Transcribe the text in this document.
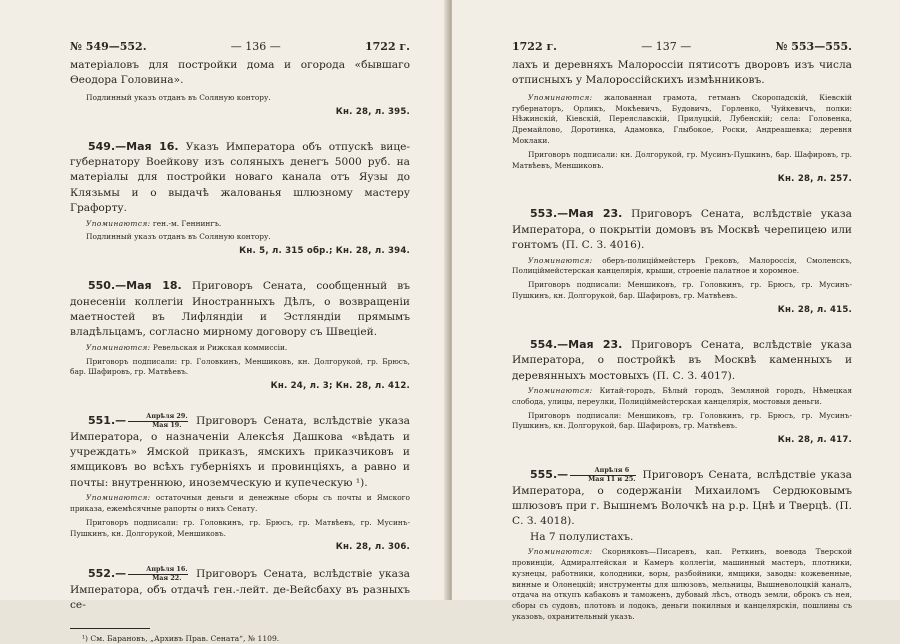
№ 549—552.	— 136 —	1722 г.

матеріаловъ для постройки дома и огорода «бывшаго Ѳеодора Головина».

Подлинный указъ отданъ въ Соляную контору.

Кн. 28, л. 395.

549.—Мая 16. Указъ Императора объ отпускѣ вице-губернатору Воейкову изъ соляныхъ денегъ 5000 руб. на матеріалы для постройки новаго канала отъ Яузы до Клязьмы и о выдачѣ жалованья шлюзному мастеру Графорту.

Упоминаются: ген.-м. Геннингъ.

Подлинный указъ отданъ въ Соляную контору.

Кн. 5, л. 315 обр.; Кн. 28, л. 394.

550.—Мая 18. Приговоръ Сената, сообщенный въ донесеніи коллегіи Иностранныхъ Дѣлъ, о возвращеніи маетностей въ Лифляндіи и Эстляндіи прямымъ владѣльцамъ, согласно мирному договору съ Швеціей.

Упоминаются: Ревельская и Рижская коммиссіи.

Приговоръ подписали: гр. Головкинъ, Меншиковъ, кн. Долгорукой, гр. Брюсъ, бар. Шафировъ, гр. Матвѣевъ.

Кн. 24, л. 3; Кн. 28, л. 412.

551.— $\frac{\text{Апрѣля 29.}}{\text{Мая 19.}}$ Приговоръ Сената, вслѣдствіе указа Императора, о назначеніи Алексѣя Дашкова «вѣдать и учреждать» Ямской приказъ, ямскихъ приказчиковъ и ямщиковъ во всѣхъ губерніяхъ и провинціяхъ, а равно и почты: внутреннюю, иноземческую и купеческую ¹).

Упоминаются: остаточныя деньги и денежные сборы съ почты и Ямского приказа, ежемѣсячные рапорты о нихъ Сенату.

Приговоръ подписали: гр. Головкинъ, гр. Брюсъ, гр. Матвѣевъ, гр. Мусинъ-Пушкинъ, кн. Долгорукой, Меншиковъ.

Кн. 28, л. 306.

552.— $\frac{\text{Апрѣля 16.}}{\text{Мая 22.}}$ Приговоръ Сената, вслѣдствіе указа Императора, объ отдачѣ ген.-лейт. де-Вейсбаху въ разныхъ се-

¹) См. Барановъ, „Архивъ Прав. Сената“, № 1109.

1722 г.	— 137 —	№ 553—555.

лахъ и деревняхъ Малороссіи пятисотъ дворовъ изъ числа отписныхъ у Малороссійскихъ измѣнниковъ.

Упоминаются: жалованная грамота, гетманъ Скоропадскій, Кіевскій губернаторъ, Орликъ, Мокѣевичъ, Будовичъ, Горленко, Чуйкевичъ, полки: Нѣжинскій, Кіевскій, Переяславскій, Прилуцкій, Лубенскій; села: Головенка, Дремайлово, Доротинка, Адамовка, Глыбокое, Роски, Андреашевка; деревня Моклаки.

Приговоръ подписали: кн. Долгорукой, гр. Мусинъ-Пушкинъ, бар. Шафировъ, гр. Матвѣевъ, Меншиковъ.

Кн. 28, л. 257.

553.—Мая 23. Приговоръ Сената, вслѣдствіе указа Императора, о покрытіи домовъ въ Москвѣ черепицею или гонтомъ (П. С. З. 4016).

Упоминаются: оберъ-полиціймейстеръ Грековъ, Малороссія, Смоленскъ, Полиціймейстерская канцелярія, крыши, строеніе палатное и хоромное.

Приговоръ подписали: Меншиковъ, гр. Головкинъ, гр. Брюсъ, гр. Мусинъ-Пушкинъ, кн. Долгорукой, бар. Шафировъ, гр. Матвѣевъ.

Кн. 28, л. 415.

554.—Мая 23. Приговоръ Сената, вслѣдствіе указа Императора, о постройкѣ въ Москвѣ каменныхъ и деревянныхъ мостовыхъ (П. С. З. 4017).

Упоминаются: Китай-городъ, Бѣлый городъ, Земляной городъ, Нѣмецкая слобода, улицы, переулки, Полиціймейстерская канцелярія, мостовыя деньги.

Приговоръ подписали: Меншиковъ, гр. Головкинъ, гр. Брюсъ, гр. Мусинъ-Пушкинъ, кн. Долгорукой, бар. Шафировъ, гр. Матвѣевъ.

Кн. 28, л. 417.

555.— $\frac{\text{Апрѣля 6}}{\text{Мая 11 и 25.}}$ Приговоръ Сената, вслѣдствіе указа Императора, о содержаніи Михаиломъ Сердюковымъ шлюзовъ при г. Вышнемъ Волочкѣ на р.р. Цнѣ и Тверцѣ. (П. С. З. 4018).

На 7 полулистахъ.

Упоминаются: Скорняковъ—Писаревъ, кап. Реткинъ, воевода Тверской провинціи, Адмиралтейская и Камеръ коллегіи, машинный мастеръ, плотники, кузнецы, работники, колодники, воры, разбойники, ямщики, заводы: кожевенные, винные и Олонецкій; инструменты для шлюзовъ, мельницы, Вышневолоцкій каналъ, отдача на откупъ кабаковъ и таможенъ, дубовый лѣсъ, отводъ земли, оброкъ съ нея, сборы съ судовъ, плотовъ и лодокъ, деньги покилныя и канцелярскія, пошлины съ указовъ, охранительный указъ.
